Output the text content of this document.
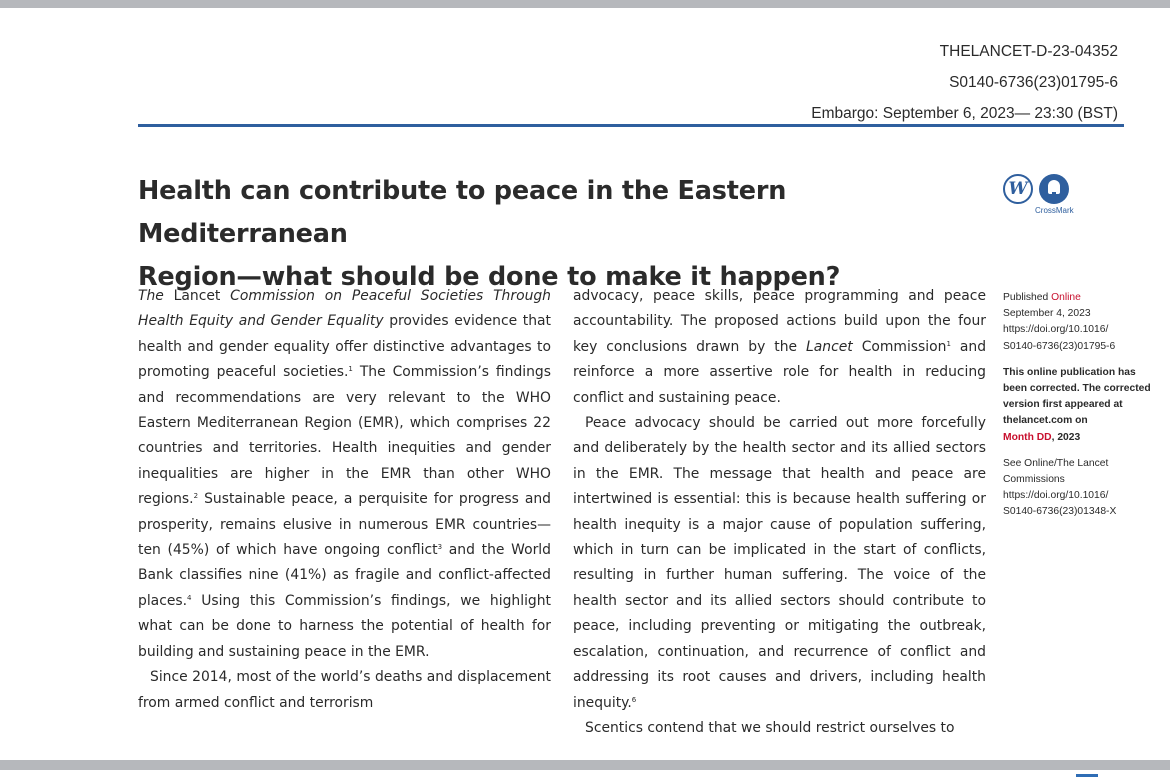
THELANCET-D-23-04352
S0140-6736(23)01795-6
Embargo: September 6, 2023— 23:30 (BST)
Health can contribute to peace in the Eastern Mediterranean
Region—what should be done to make it happen?
W
CrossMark

The Lancet Commission on Peaceful Societies Through Health Equity and Gender Equality provides evidence that health and gender equality offer distinctive advantages to promoting peaceful societies.$^1$ The Commission’s findings and recommendations are very relevant to the WHO Eastern Mediterranean Region (EMR), which comprises 22 countries and territories. Health inequities and gender inequalities are higher in the EMR than other WHO regions.$^2$ Sustainable peace, a perquisite for progress and prosperity, remains elusive in numerous EMR countries—ten (45%) of which have ongoing conflict$^3$ and the World Bank classifies nine (41%) as fragile and conflict-affected places.$^4$ Using this Commission’s findings, we highlight what can be done to harness the potential of health for building and sustaining peace in the EMR.

Since 2014, most of the world’s deaths and displacement from armed conflict and terrorism

advocacy, peace skills, peace programming and peace accountability. The proposed actions build upon the four key conclusions drawn by the Lancet Commission$^1$ and reinforce a more assertive role for health in reducing conflict and sustaining peace.

Peace advocacy should be carried out more forcefully and deliberately by the health sector and its allied sectors in the EMR. The message that health and peace are intertwined is essential: this is because health suffering or health inequity is a major cause of population suffering, which in turn can be implicated in the start of conflicts, resulting in further human suffering. The voice of the health sector and its allied sectors should contribute to peace, including preventing or mitigating the outbreak, escalation, continuation, and recurrence of conflict and addressing its root causes and drivers, including health inequity.$^6$

Scentics contend that we should restrict ourselves to

Published Online
September 4, 2023
https://doi.org/10.1016/
S0140-6736(23)01795-6
This online publication has
been corrected. The corrected
version first appeared at
thelancet.com on
Month DD, 2023
See Online/The Lancet
Commissions
https://doi.org/10.1016/
S0140-6736(23)01348-X
